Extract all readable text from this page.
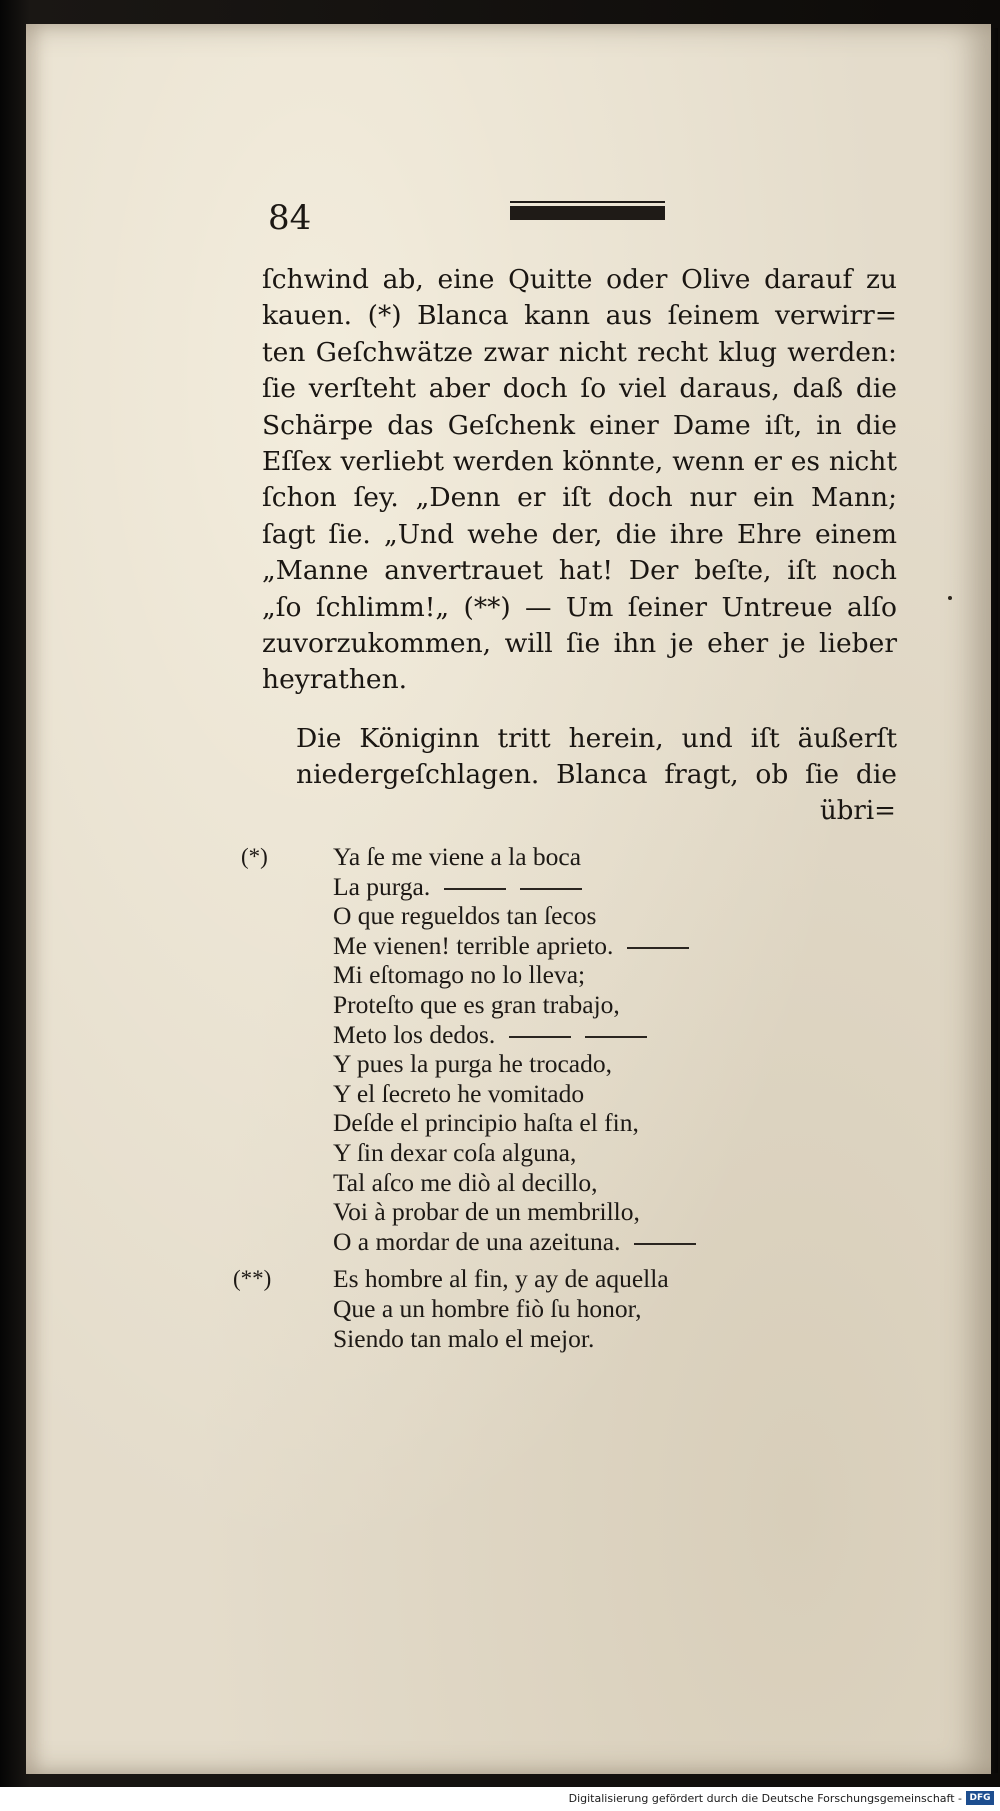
84

ſchwind ab, eine Quitte oder Olive darauf zu
kauen. (*) Blanca kann aus ſeinem verwirr=
ten Geſchwätze zwar nicht recht klug werden:
ſie verſteht aber doch ſo viel daraus, daß die
Schärpe das Geſchenk einer Dame iſt, in die
Eſſex verliebt werden könnte, wenn er es nicht
ſchon ſey. „Denn er iſt doch nur ein Mann;
ſagt ſie. „Und wehe der, die ihre Ehre einem
„Manne anvertrauet hat! Der beſte, iſt noch
„ſo ſchlimm!„ (**) — Um ſeiner Untreue alſo
zuvorzukommen, will ſie ihn je eher je lieber
heyrathen.

Die Königinn tritt herein, und iſt äußerſt
niedergeſchlagen. Blanca fragt, ob ſie die

übri=
(*)	Ya ſe me viene a la boca
La purga.
O que regueldos tan ſecos
Me vienen! terrible aprieto.
Mi eſtomago no lo lleva;
Proteſto que es gran trabajo,
Meto los dedos.
Y pues la purga he trocado,
Y el ſecreto he vomitado
Deſde el principio haſta el fin,
Y ſin dexar coſa alguna,
Tal aſco me diò al decillo,
Voi à probar de un membrillo,
O a mordar de una azeituna.
(**)	Es hombre al fin, y ay de aquella
Que a un hombre fiò ſu honor,
Siendo tan malo el mejor.
Digitalisierung gefördert durch die Deutsche Forschungsgemeinschaft - DFG
